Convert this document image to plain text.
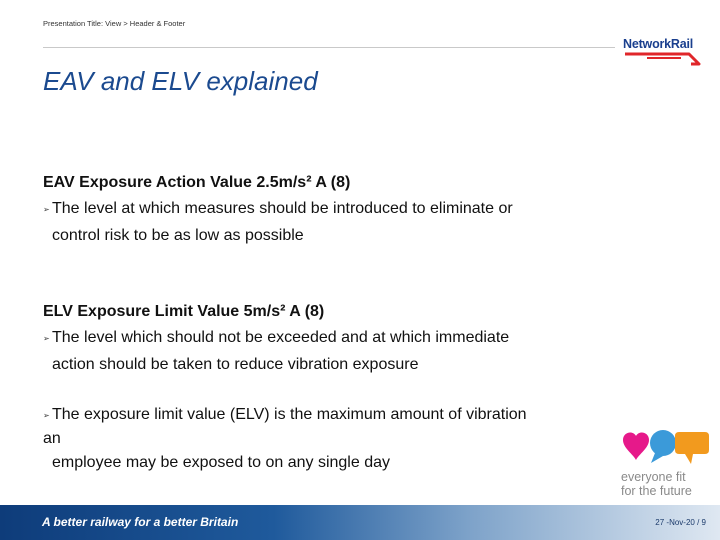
Presentation Title: View > Header & Footer
NetworkRail
EAV and ELV explained
EAV Exposure Action Value 2.5m/s² A (8)
➢ The level at which measures should be introduced to eliminate or
control risk to be as low as possible
ELV Exposure Limit Value 5m/s² A (8)
➢ The level which should not be exceeded and at which immediate
action should be taken to reduce vibration exposure
➢ The exposure limit value (ELV) is the maximum amount of vibration
an
employee may be exposed to on any single day
everyone fit
for the future
A better railway for a better Britain	27 -Nov-20 / 9
